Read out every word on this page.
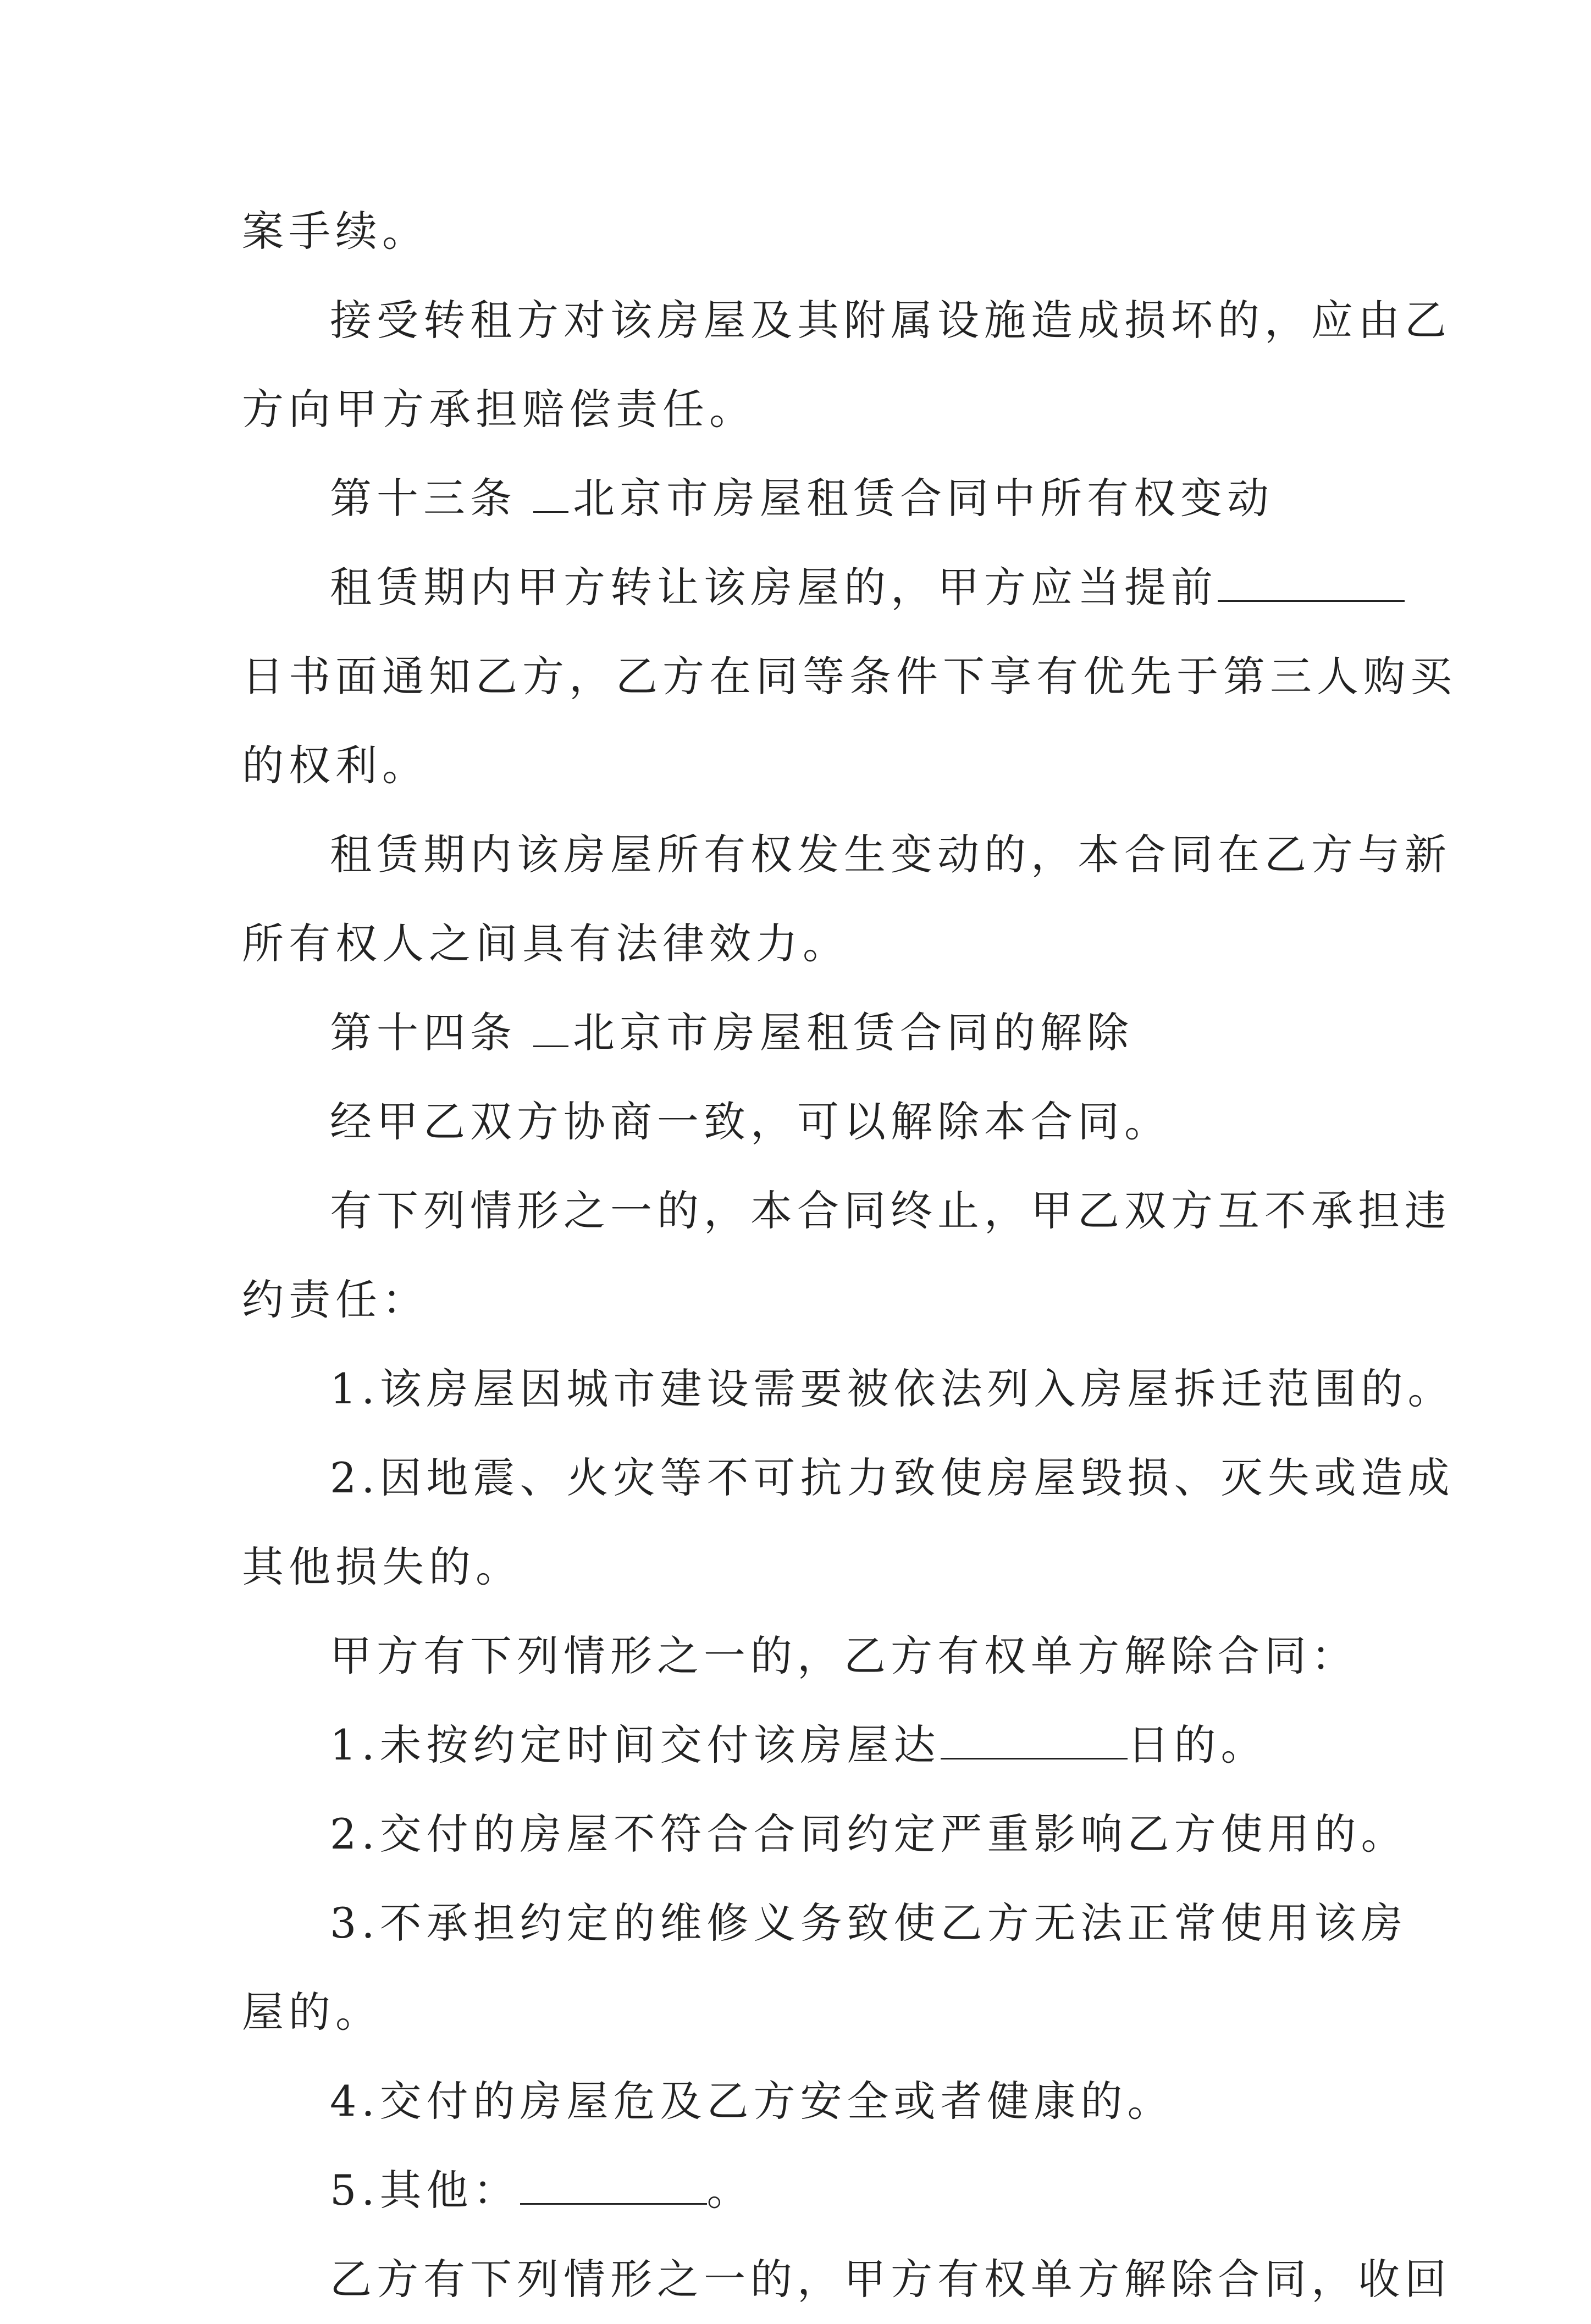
案手续。

接受转租方对该房屋及其附属设施造成损坏的，应由乙

方向甲方承担赔偿责任。

第十三条 北京市房屋租赁合同中所有权变动

租赁期内甲方转让该房屋的，甲方应当提前

日书面通知乙方，乙方在同等条件下享有优先于第三人购买

的权利。

租赁期内该房屋所有权发生变动的，本合同在乙方与新

所有权人之间具有法律效力。

第十四条 北京市房屋租赁合同的解除

经甲乙双方协商一致，可以解除本合同。

有下列情形之一的，本合同终止，甲乙双方互不承担违

约责任：

1.该房屋因城市建设需要被依法列入房屋拆迁范围的。

2.因地震、火灾等不可抗力致使房屋毁损、灭失或造成

其他损失的。

甲方有下列情形之一的，乙方有权单方解除合同：

1.未按约定时间交付该房屋达	日的。

2.交付的房屋不符合合同约定严重影响乙方使用的。

3.不承担约定的维修义务致使乙方无法正常使用该房

屋的。

4.交付的房屋危及乙方安全或者健康的。

5.其他：	。

乙方有下列情形之一的，甲方有权单方解除合同，收回
